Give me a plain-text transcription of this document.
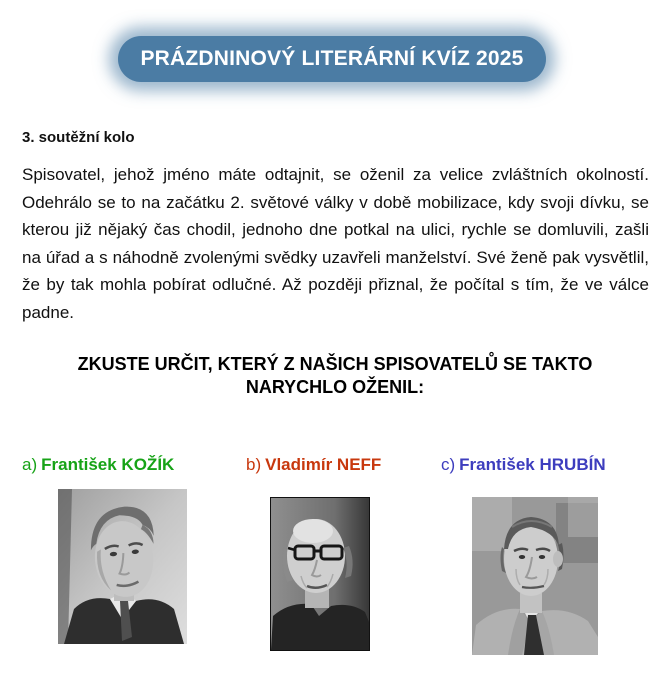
PRÁZDNINOVÝ LITERÁRNÍ KVÍZ 2025
3. soutěžní kolo
Spisovatel, jehož jméno máte odtajnit, se oženil za velice zvláštních okolností. Odehrálo se to na začátku 2. světové války v době mobilizace, kdy svoji dívku, se kterou již nějaký čas chodil, jednoho dne potkal na ulici, rychle se domluvili, zašli na úřad a s náhodně zvolenými svědky uzavřeli manželství. Své ženě pak vysvětlil, že by tak mohla pobírat odlučné. Až později přiznal, že počítal s tím, že ve válce padne.
ZKUSTE URČIT, KTERÝ Z NAŠICH SPISOVATELŮ SE TAKTO NARYCHLO OŽENIL:
a) František KOŽÍK	b) Vladimír NEFF	c) František HRUBÍN
